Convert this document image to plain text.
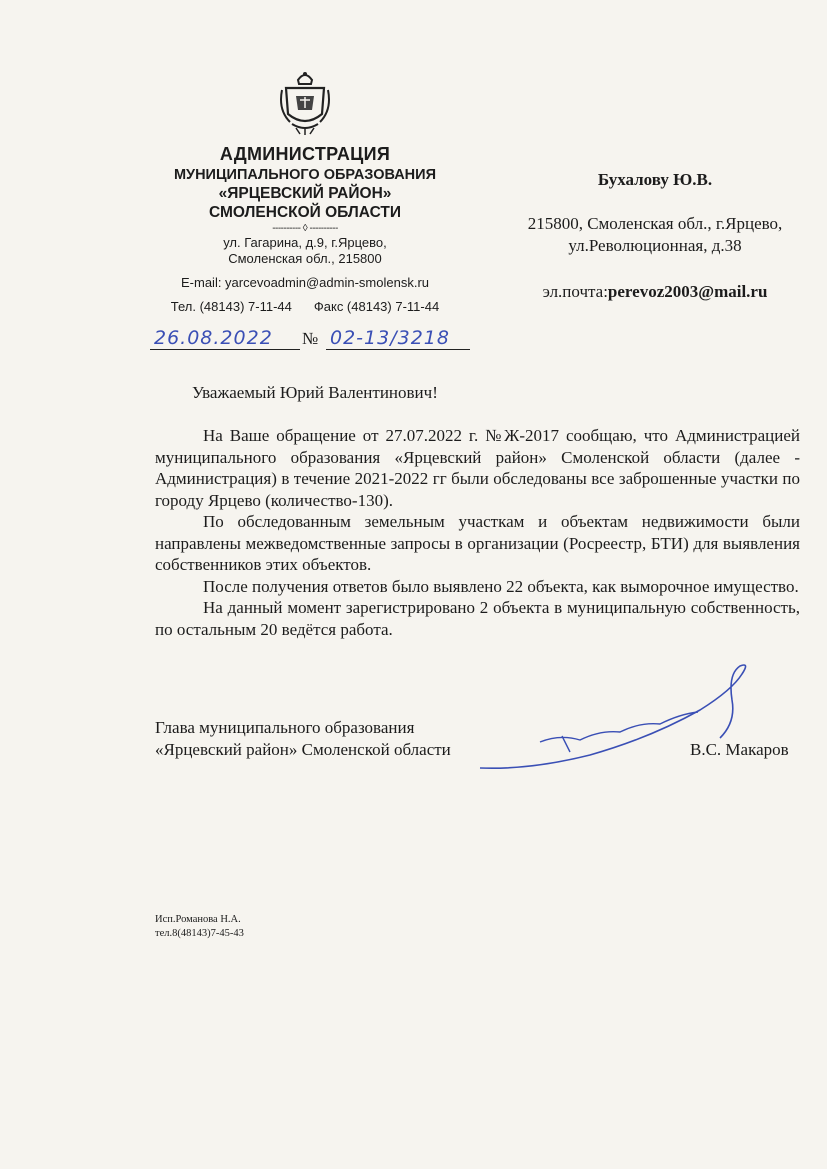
АДМИНИСТРАЦИЯ
МУНИЦИПАЛЬНОГО ОБРАЗОВАНИЯ
«ЯРЦЕВСКИЙ РАЙОН»
СМОЛЕНСКОЙ ОБЛАСТИ
---------- ◊ ----------
ул. Гагарина, д.9, г.Ярцево,
Смоленская обл., 215800
E-mail: yarcevoadmin@admin-smolensk.ru
Тел. (48143) 7-11-44 Факс (48143) 7-11-44
26.08.2022 № 02-13/3218
Бухалову Ю.В.
215800, Смоленская обл., г.Ярцево,
ул.Революционная, д.38
эл.почта:perevoz2003@mail.ru
Уважаемый Юрий Валентинович!

На Ваше обращение от 27.07.2022 г. №Ж-2017 сообщаю, что Администрацией муниципального образования «Ярцевский район» Смоленской области (далее - Администрация) в течение 2021-2022 гг были обследованы все заброшенные участки по городу Ярцево (количество-130).

По обследованным земельным участкам и объектам недвижимости были направлены межведомственные запросы в организации (Росреестр, БТИ) для выявления собственников этих объектов.

После получения ответов было выявлено 22 объекта, как выморочное имущество.

На данный момент зарегистрировано 2 объекта в муниципальную собственность, по остальным 20 ведётся работа.

Глава муниципального образования
«Ярцевский район» Смоленской области	В.С. Макаров
Исп.Романова Н.А.
тел.8(48143)7-45-43
